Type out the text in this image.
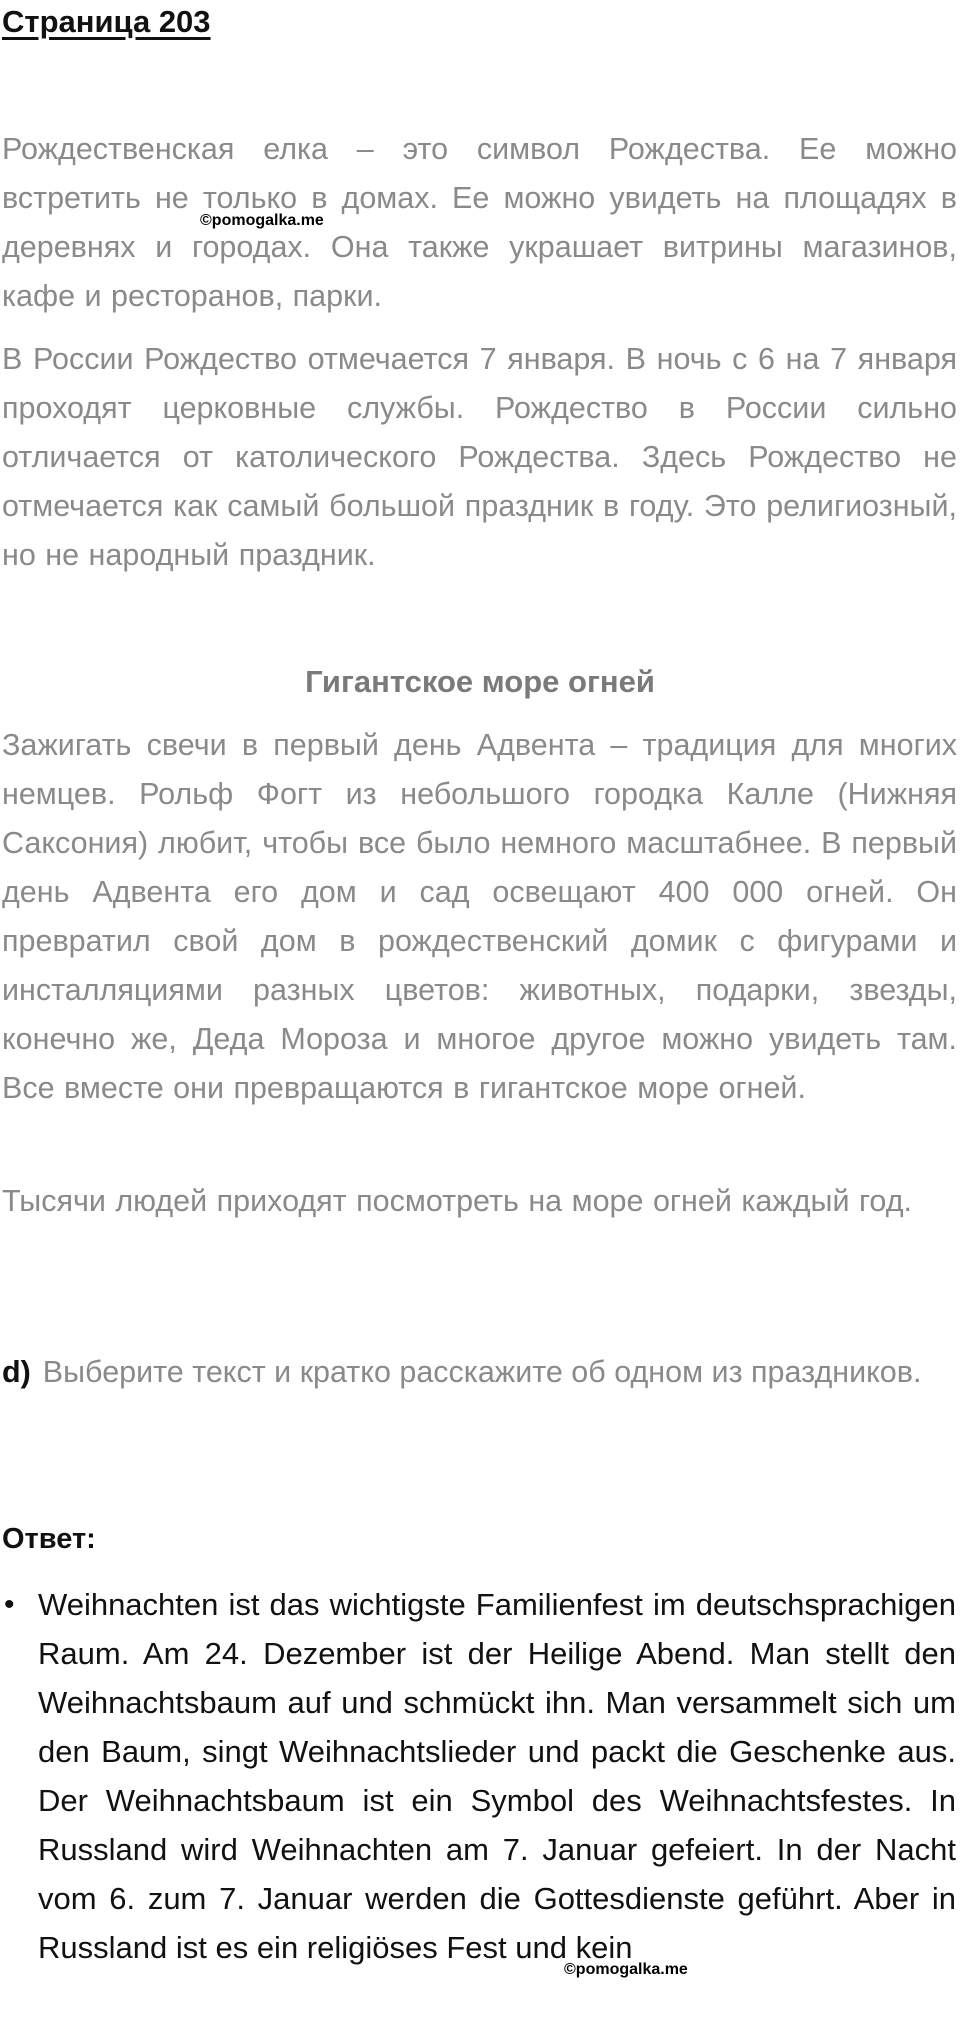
Страница 203
©pomogalka.me

Рождественская елка – это символ Рождества. Ее можно встретить не только в домах. Ее можно увидеть на площадях в деревнях и городах. Она также украшает витрины магазинов, кафе и ресторанов, парки.

В России Рождество отмечается 7 января. В ночь с 6 на 7 января проходят церковные службы. Рождество в России сильно отличается от католического Рождества. Здесь Рождество не отмечается как самый большой праздник в году. Это религиозный, но не народный праздник.

Гигантское море огней

Зажигать свечи в первый день Адвента – традиция для многих немцев. Рольф Фогт из небольшого городка Калле (Нижняя Саксония) любит, чтобы все было немного масштабнее. В первый день Адвента его дом и сад освещают 400 000 огней. Он превратил свой дом в рождественский домик с фигурами и инсталляциями разных цветов: животных, подарки, звезды, конечно же, Деда Мороза и многое другое можно увидеть там. Все вместе они превращаются в гигантское море огней.

Тысячи людей приходят посмотреть на море огней каждый год.

d) Выберите текст и кратко расскажите об одном из праздников.

Ответ:
• Weihnachten ist das wichtigste Familienfest im deutschsprachigen Raum. Am 24. Dezember ist der Heilige Abend. Man stellt den Weihnachtsbaum auf und schmückt ihn. Man versammelt sich um den Baum, singt Weihnachtslieder und packt die Geschenke aus. Der Weihnachtsbaum ist ein Symbol des Weihnachtsfestes. In Russland wird Weihnachten am 7. Januar gefeiert. In der Nacht vom 6. zum 7. Januar werden die Gottesdienste geführt. Aber in Russland ist es ein religiöses Fest und kein
©pomogalka.me
